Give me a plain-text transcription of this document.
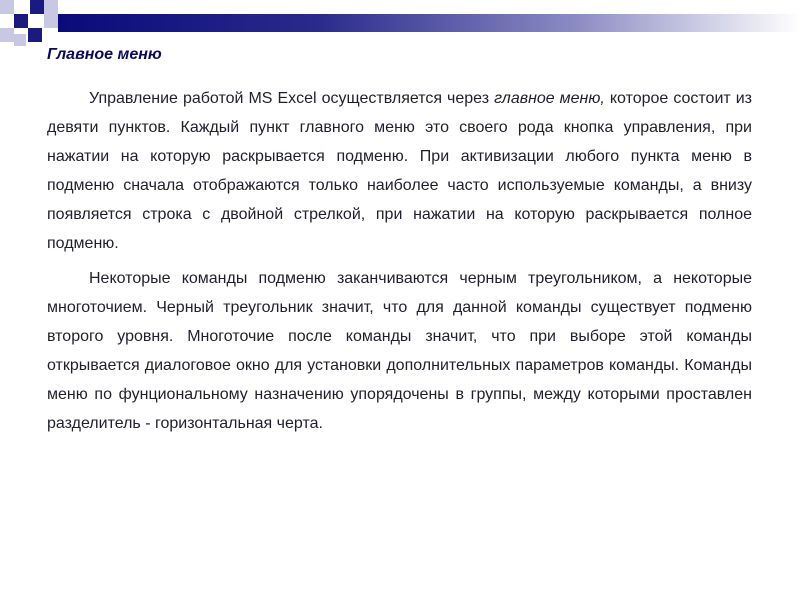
Главное меню

Управление работой MS Excel осуществляется через главное меню, которое состоит из девяти пунктов. Каждый пункт главного меню это своего рода кнопка управления, при нажатии на которую раскрывается подменю. При активизации любого пункта меню в подменю сначала отображаются только наиболее часто используемые команды, а внизу появляется строка с двойной стрелкой, при нажатии на которую раскрывается полное подменю.

Некоторые команды подменю заканчиваются черным треугольником, а некоторые многоточием. Черный треугольник значит, что для данной команды существует подменю второго уровня. Многоточие после команды значит, что при выборе этой команды открывается диалоговое окно для установки дополнительных параметров команды. Команды меню по фунциональному назначению упорядочены в группы, между которыми проставлен разделитель - горизонтальная черта.
